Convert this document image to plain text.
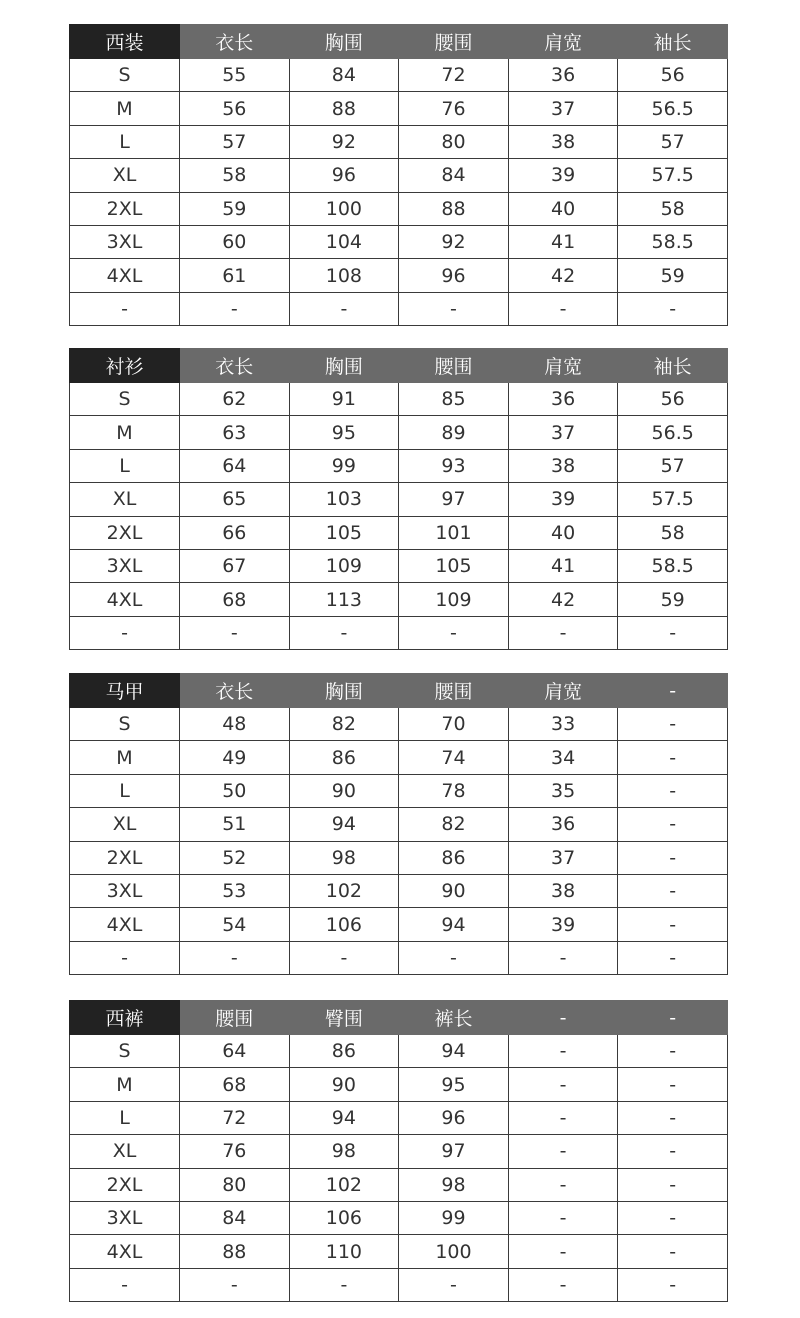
西装	衣长	胸围	腰围	肩宽	袖长
S	55	84	72	36	56
M	56	88	76	37	56.5
L	57	92	80	38	57
XL	58	96	84	39	57.5
2XL	59	100	88	40	58
3XL	60	104	92	41	58.5
4XL	61	108	96	42	59
-	-	-	-	-	-
衬衫	衣长	胸围	腰围	肩宽	袖长
S	62	91	85	36	56
M	63	95	89	37	56.5
L	64	99	93	38	57
XL	65	103	97	39	57.5
2XL	66	105	101	40	58
3XL	67	109	105	41	58.5
4XL	68	113	109	42	59
-	-	-	-	-	-
马甲	衣长	胸围	腰围	肩宽	-
S	48	82	70	33	-
M	49	86	74	34	-
L	50	90	78	35	-
XL	51	94	82	36	-
2XL	52	98	86	37	-
3XL	53	102	90	38	-
4XL	54	106	94	39	-
-	-	-	-	-	-
西裤	腰围	臀围	裤长	-	-
S	64	86	94	-	-
M	68	90	95	-	-
L	72	94	96	-	-
XL	76	98	97	-	-
2XL	80	102	98	-	-
3XL	84	106	99	-	-
4XL	88	110	100	-	-
-	-	-	-	-	-
